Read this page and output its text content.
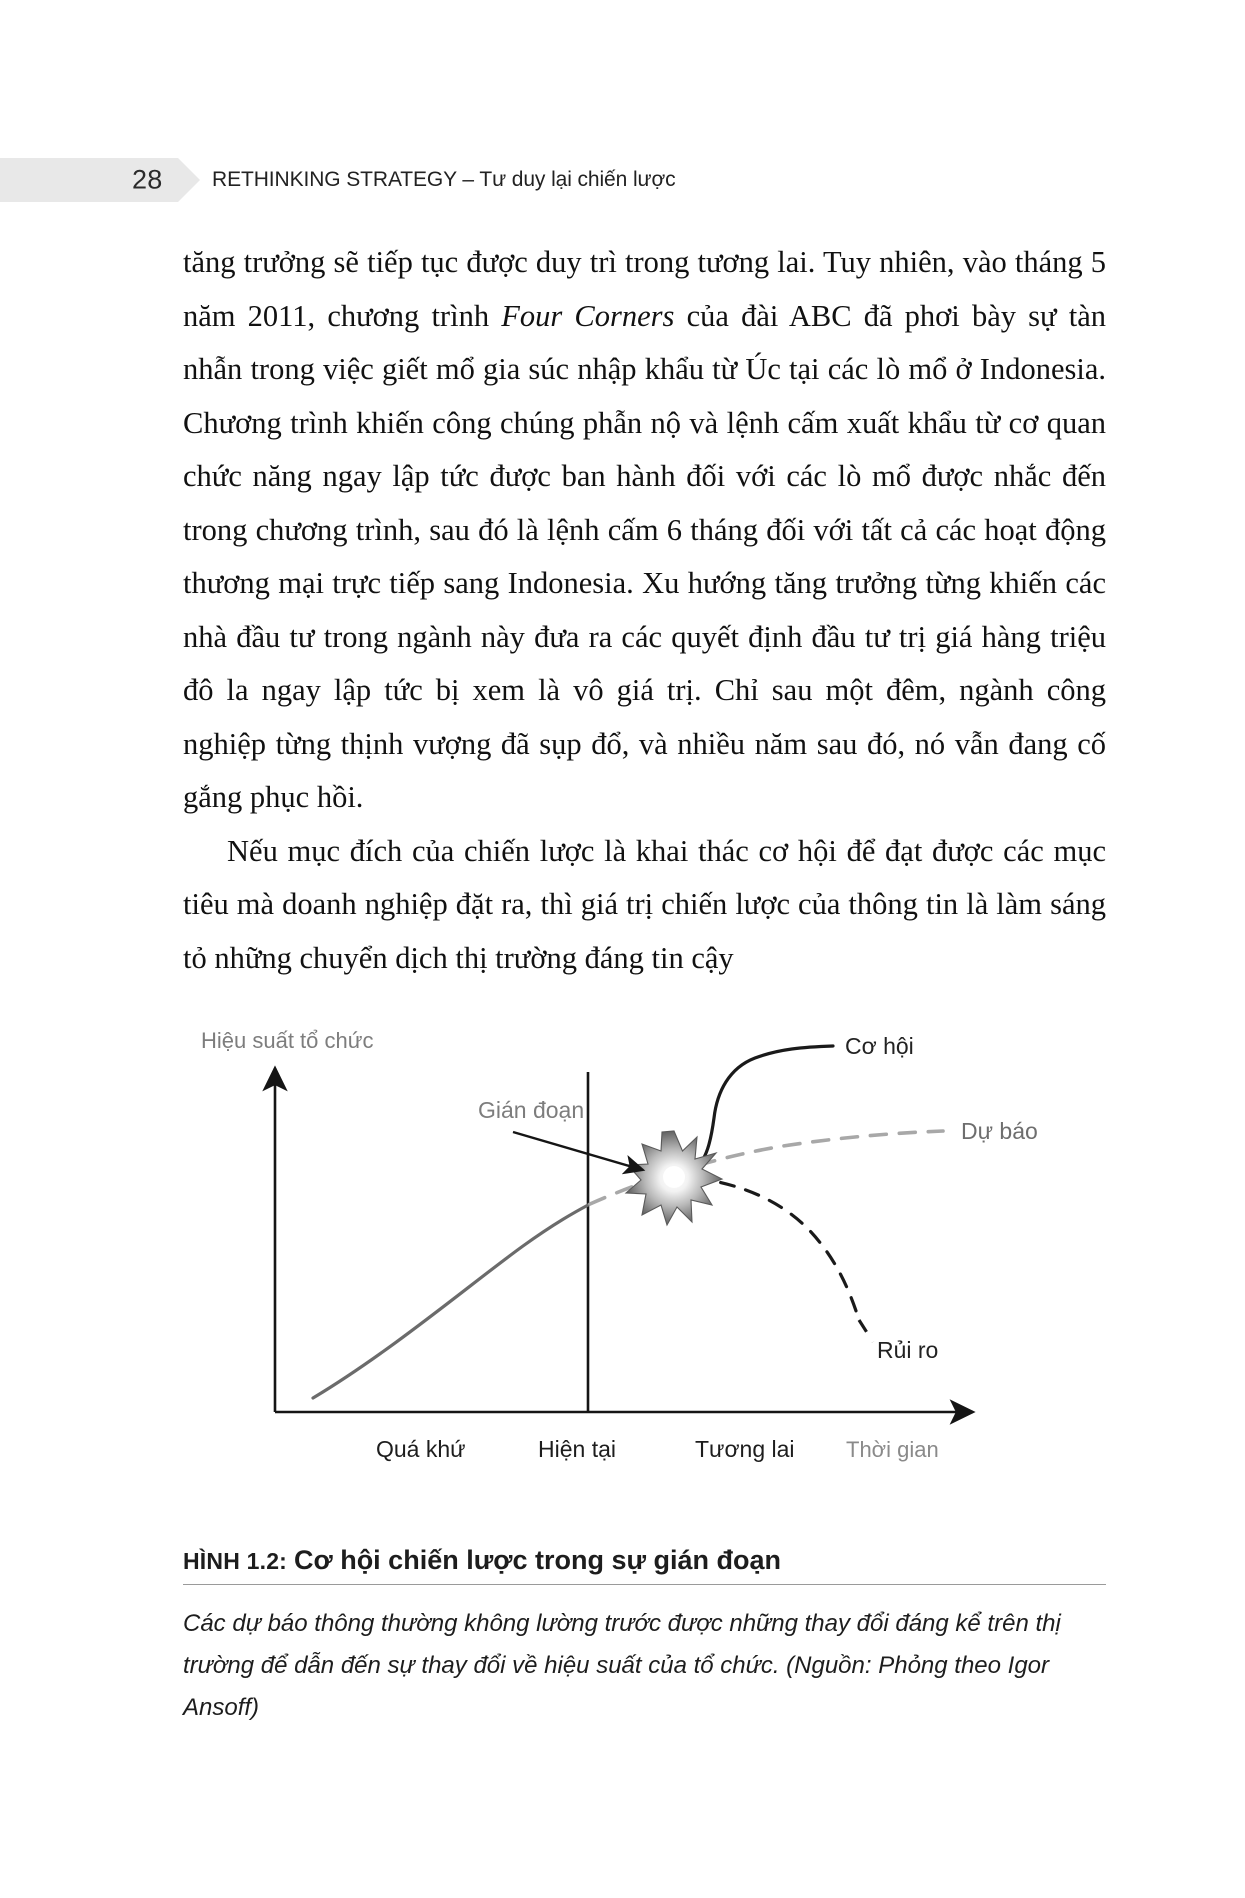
28 RETHINKING STRATEGY – Tư duy lại chiến lược

tăng trưởng sẽ tiếp tục được duy trì trong tương lai. Tuy nhiên, vào tháng 5 năm 2011, chương trình Four Corners của đài ABC đã phơi bày sự tàn nhẫn trong việc giết mổ gia súc nhập khẩu từ Úc tại các lò mổ ở Indonesia. Chương trình khiến công chúng phẫn nộ và lệnh cấm xuất khẩu từ cơ quan chức năng ngay lập tức được ban hành đối với các lò mổ được nhắc đến trong chương trình, sau đó là lệnh cấm 6 tháng đối với tất cả các hoạt động thương mại trực tiếp sang Indonesia. Xu hướng tăng trưởng từng khiến các nhà đầu tư trong ngành này đưa ra các quyết định đầu tư trị giá hàng triệu đô la ngay lập tức bị xem là vô giá trị. Chỉ sau một đêm, ngành công nghiệp từng thịnh vượng đã sụp đổ, và nhiều năm sau đó, nó vẫn đang cố gắng phục hồi.

Nếu mục đích của chiến lược là khai thác cơ hội để đạt được các mục tiêu mà doanh nghiệp đặt ra, thì giá trị chiến lược của thông tin là làm sáng tỏ những chuyển dịch thị trường đáng tin cậy

Gián đoạn
Cơ hội
Dự báo
Rủi ro
Hiệu suất tổ chức
Quá khứ	Hiện tại	Tương lai Thời gian
HÌNH 1.2: Cơ hội chiến lược trong sự gián đoạn
Các dự báo thông thường không lường trước được những thay đổi đáng kể trên thị trường để dẫn đến sự thay đổi về hiệu suất của tổ chức. (Nguồn: Phỏng theo Igor Ansoff)
